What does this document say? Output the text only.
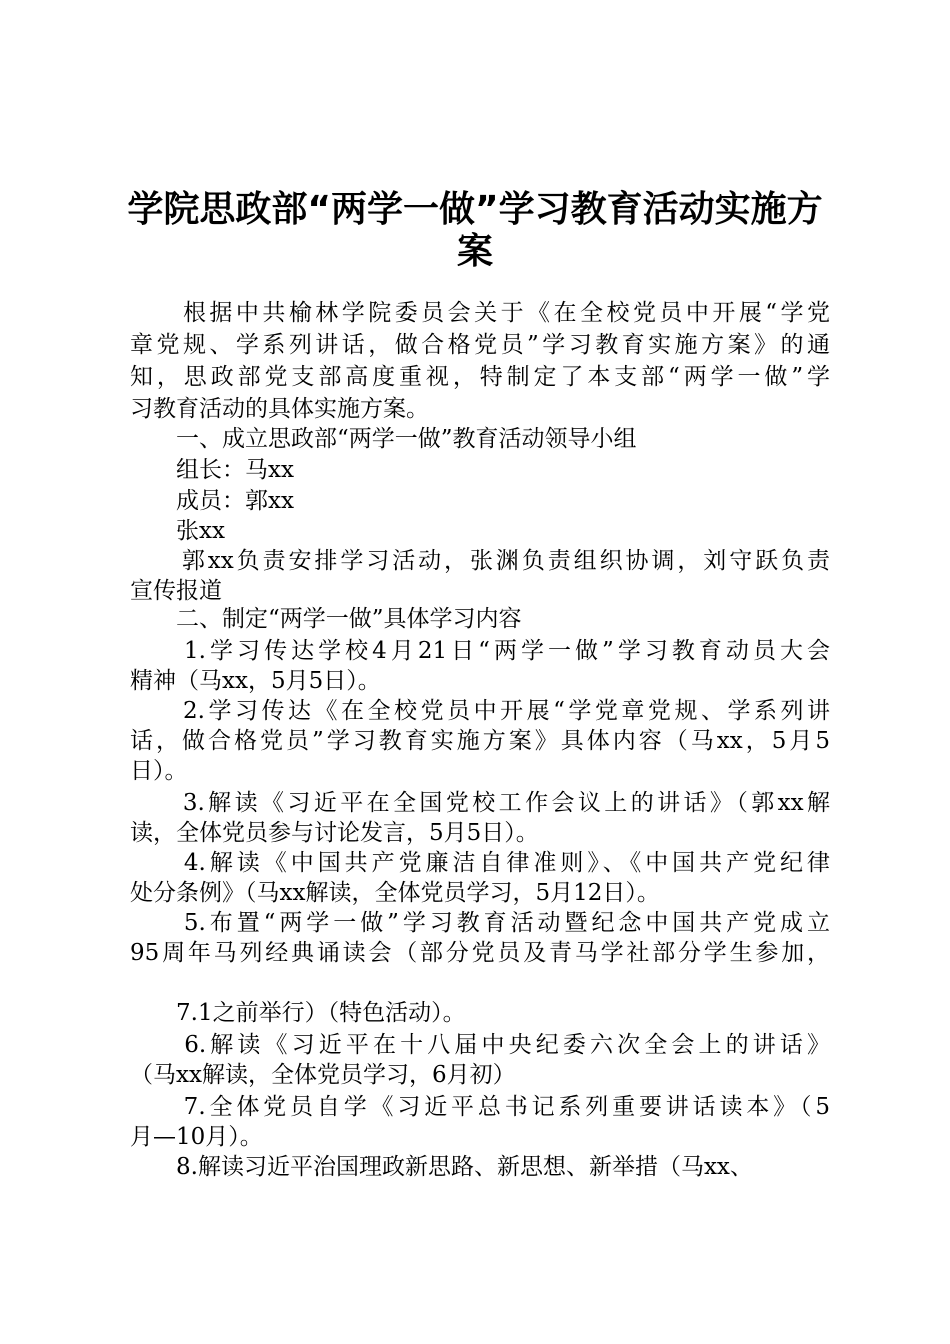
学院思政部“两学一做”学习教育活动实施方
案
　　根据中共榆林学院委员会关于《在全校党员中开展“学党
章党规、学系列讲话，做合格党员”学习教育实施方案》的通
知，思政部党支部高度重视，特制定了本支部“两学一做”学
习教育活动的具体实施方案。
　　一、成立思政部“两学一做”教育活动领导小组
　　组长：马xx
　　成员：郭xx
　　张xx
　　郭xx负责安排学习活动，张渊负责组织协调，刘守跃负责
宣传报道
　　二、制定“两学一做”具体学习内容
　　1.学习传达学校4月21日“两学一做”学习教育动员大会
精神（马xx，5月5日）。
　　2.学习传达《在全校党员中开展“学党章党规、学系列讲
话，做合格党员”学习教育实施方案》具体内容（马xx，5月5
日）。
　　3.解读《习近平在全国党校工作会议上的讲话》（郭xx解
读，全体党员参与讨论发言，5月5日）。
　　4.解读《中国共产党廉洁自律准则》、《中国共产党纪律
处分条例》（马xx解读，全体党员学习，5月12日）。
　　5.布置“两学一做”学习教育活动暨纪念中国共产党成立
95周年马列经典诵读会（部分党员及青马学社部分学生参加，
　　7.1之前举行）（特色活动）。
　　6.解读《习近平在十八届中央纪委六次全会上的讲话》
（马xx解读，全体党员学习，6月初）
　　7.全体党员自学《习近平总书记系列重要讲话读本》（5
月—10月）。
　　8.解读习近平治国理政新思路、新思想、新举措（马xx、
